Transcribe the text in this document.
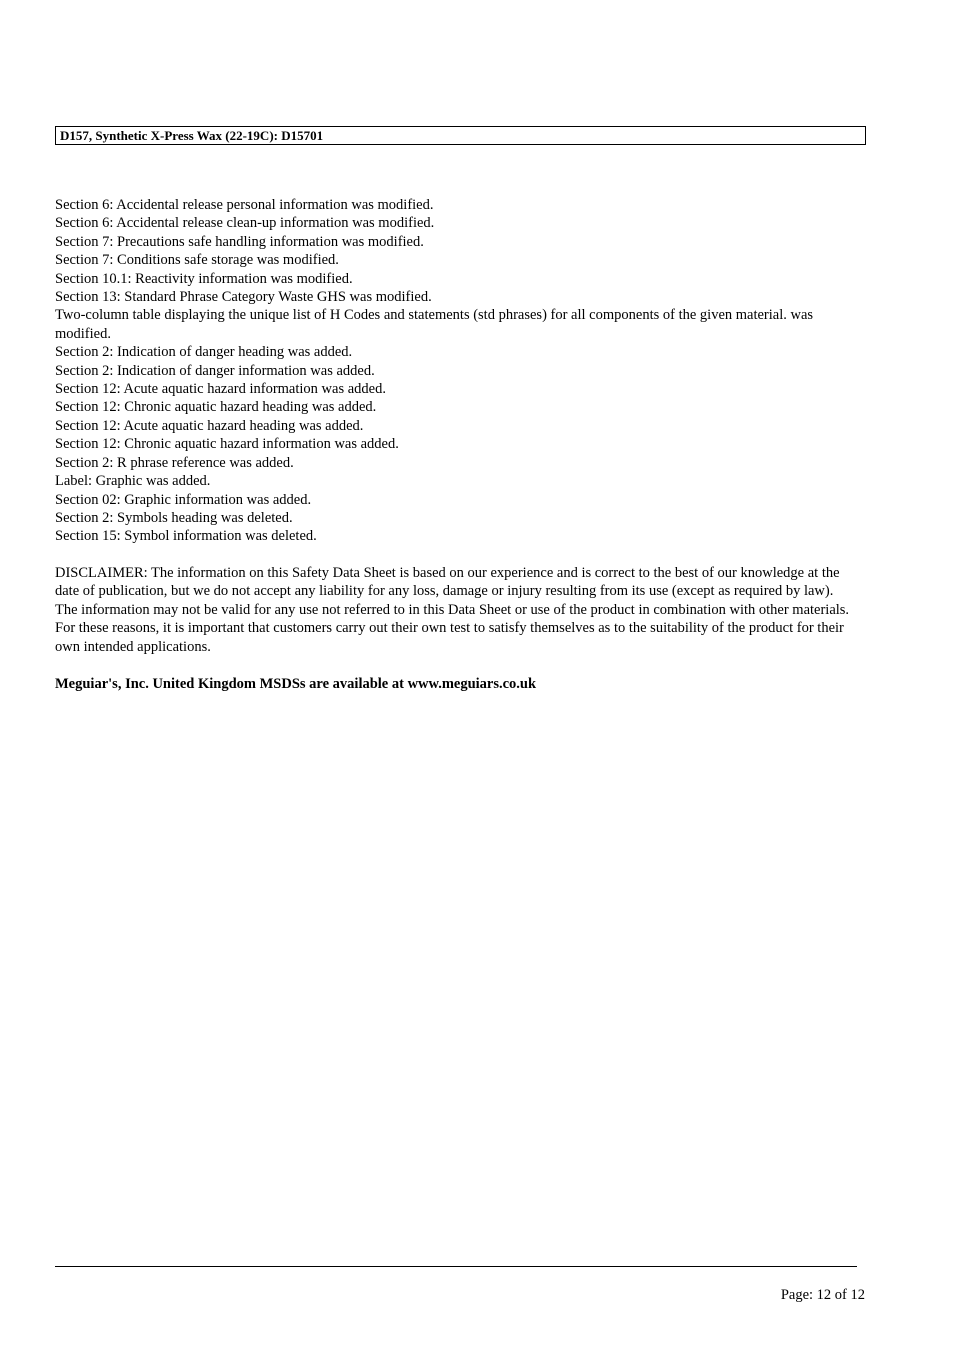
D157, Synthetic X-Press Wax (22-19C): D15701
Section 6: Accidental release personal information was modified.
Section 6: Accidental release clean-up information was modified.
Section 7: Precautions safe handling information was modified.
Section 7: Conditions safe storage was modified.
Section 10.1: Reactivity information was modified.
Section 13: Standard Phrase Category Waste GHS was modified.
Two-column table displaying the unique list of H Codes and statements (std phrases) for all components of the given material. was modified.
Section 2: Indication of danger heading was added.
Section 2: Indication of danger information was added.
Section 12: Acute aquatic hazard information was added.
Section 12: Chronic aquatic hazard heading was added.
Section 12: Acute aquatic hazard heading was added.
Section 12: Chronic aquatic hazard information was added.
Section 2: R phrase reference was added.
Label: Graphic was added.
Section 02: Graphic information was added.
Section 2: Symbols heading was deleted.
Section 15: Symbol information was deleted.

DISCLAIMER: The information on this Safety Data Sheet is based on our experience and is correct to the best of our knowledge at the date of publication, but we do not accept any liability for any loss, damage or injury resulting from its use (except as required by law). The information may not be valid for any use not referred to in this Data Sheet or use of the product in combination with other materials. For these reasons, it is important that customers carry out their own test to satisfy themselves as to the suitability of the product for their own intended applications.

Meguiar's, Inc. United Kingdom MSDSs are available at www.meguiars.co.uk

Page: 12 of 12
